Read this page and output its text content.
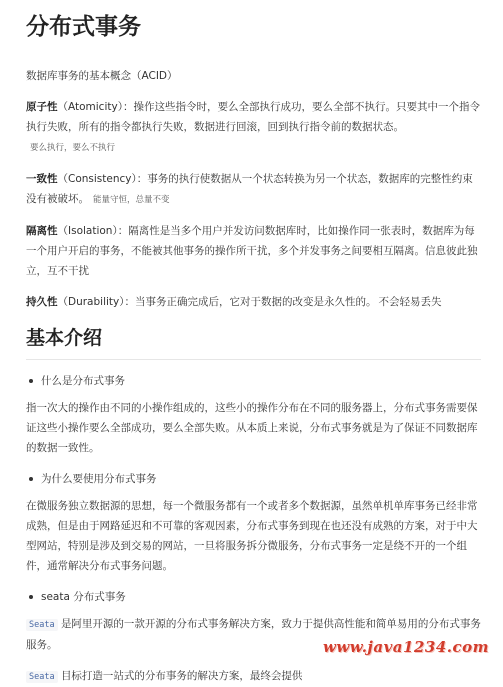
分布式事务

数据库事务的基本概念（ACID）

原子性（Atomicity）：操作这些指令时，要么全部执行成功，要么全部不执行。只要其中一个指令执行失败，所有的指令都执行失败，数据进行回滚，回到执行指令前的数据状态。要么执行，要么不执行

一致性（Consistency）：事务的执行使数据从一个状态转换为另一个状态，数据库的完整性约束没有被破坏。 能量守恒，总量不变

隔离性（Isolation）：隔离性是当多个用户并发访问数据库时，比如操作同一张表时，数据库为每一个用户开启的事务，不能被其他事务的操作所干扰，多个并发事务之间要相互隔离。信息彼此独立，互不干扰

持久性（Durability）：当事务正确完成后，它对于数据的改变是永久性的。 不会轻易丢失

基本介绍
什么是分布式事务

指一次大的操作由不同的小操作组成的，这些小的操作分布在不同的服务器上，分布式事务需要保证这些小操作要么全部成功，要么全部失败。从本质上来说，分布式事务就是为了保证不同数据库的数据一致性。

为什么要使用分布式事务

在微服务独立数据源的思想，每一个微服务都有一个或者多个数据源，虽然单机单库事务已经非常成熟，但是由于网路延迟和不可靠的客观因素，分布式事务到现在也还没有成熟的方案，对于中大型网站，特别是涉及到交易的网站，一旦将服务拆分微服务，分布式事务一定是绕不开的一个组件，通常解决分布式事务问题。

seata 分布式事务

Seata 是阿里开源的一款开源的分布式事务解决方案，致力于提供高性能和简单易用的分布式事务服务。

Seata 目标打造一站式的分布事务的解决方案，最终会提供

www.java1234.com
